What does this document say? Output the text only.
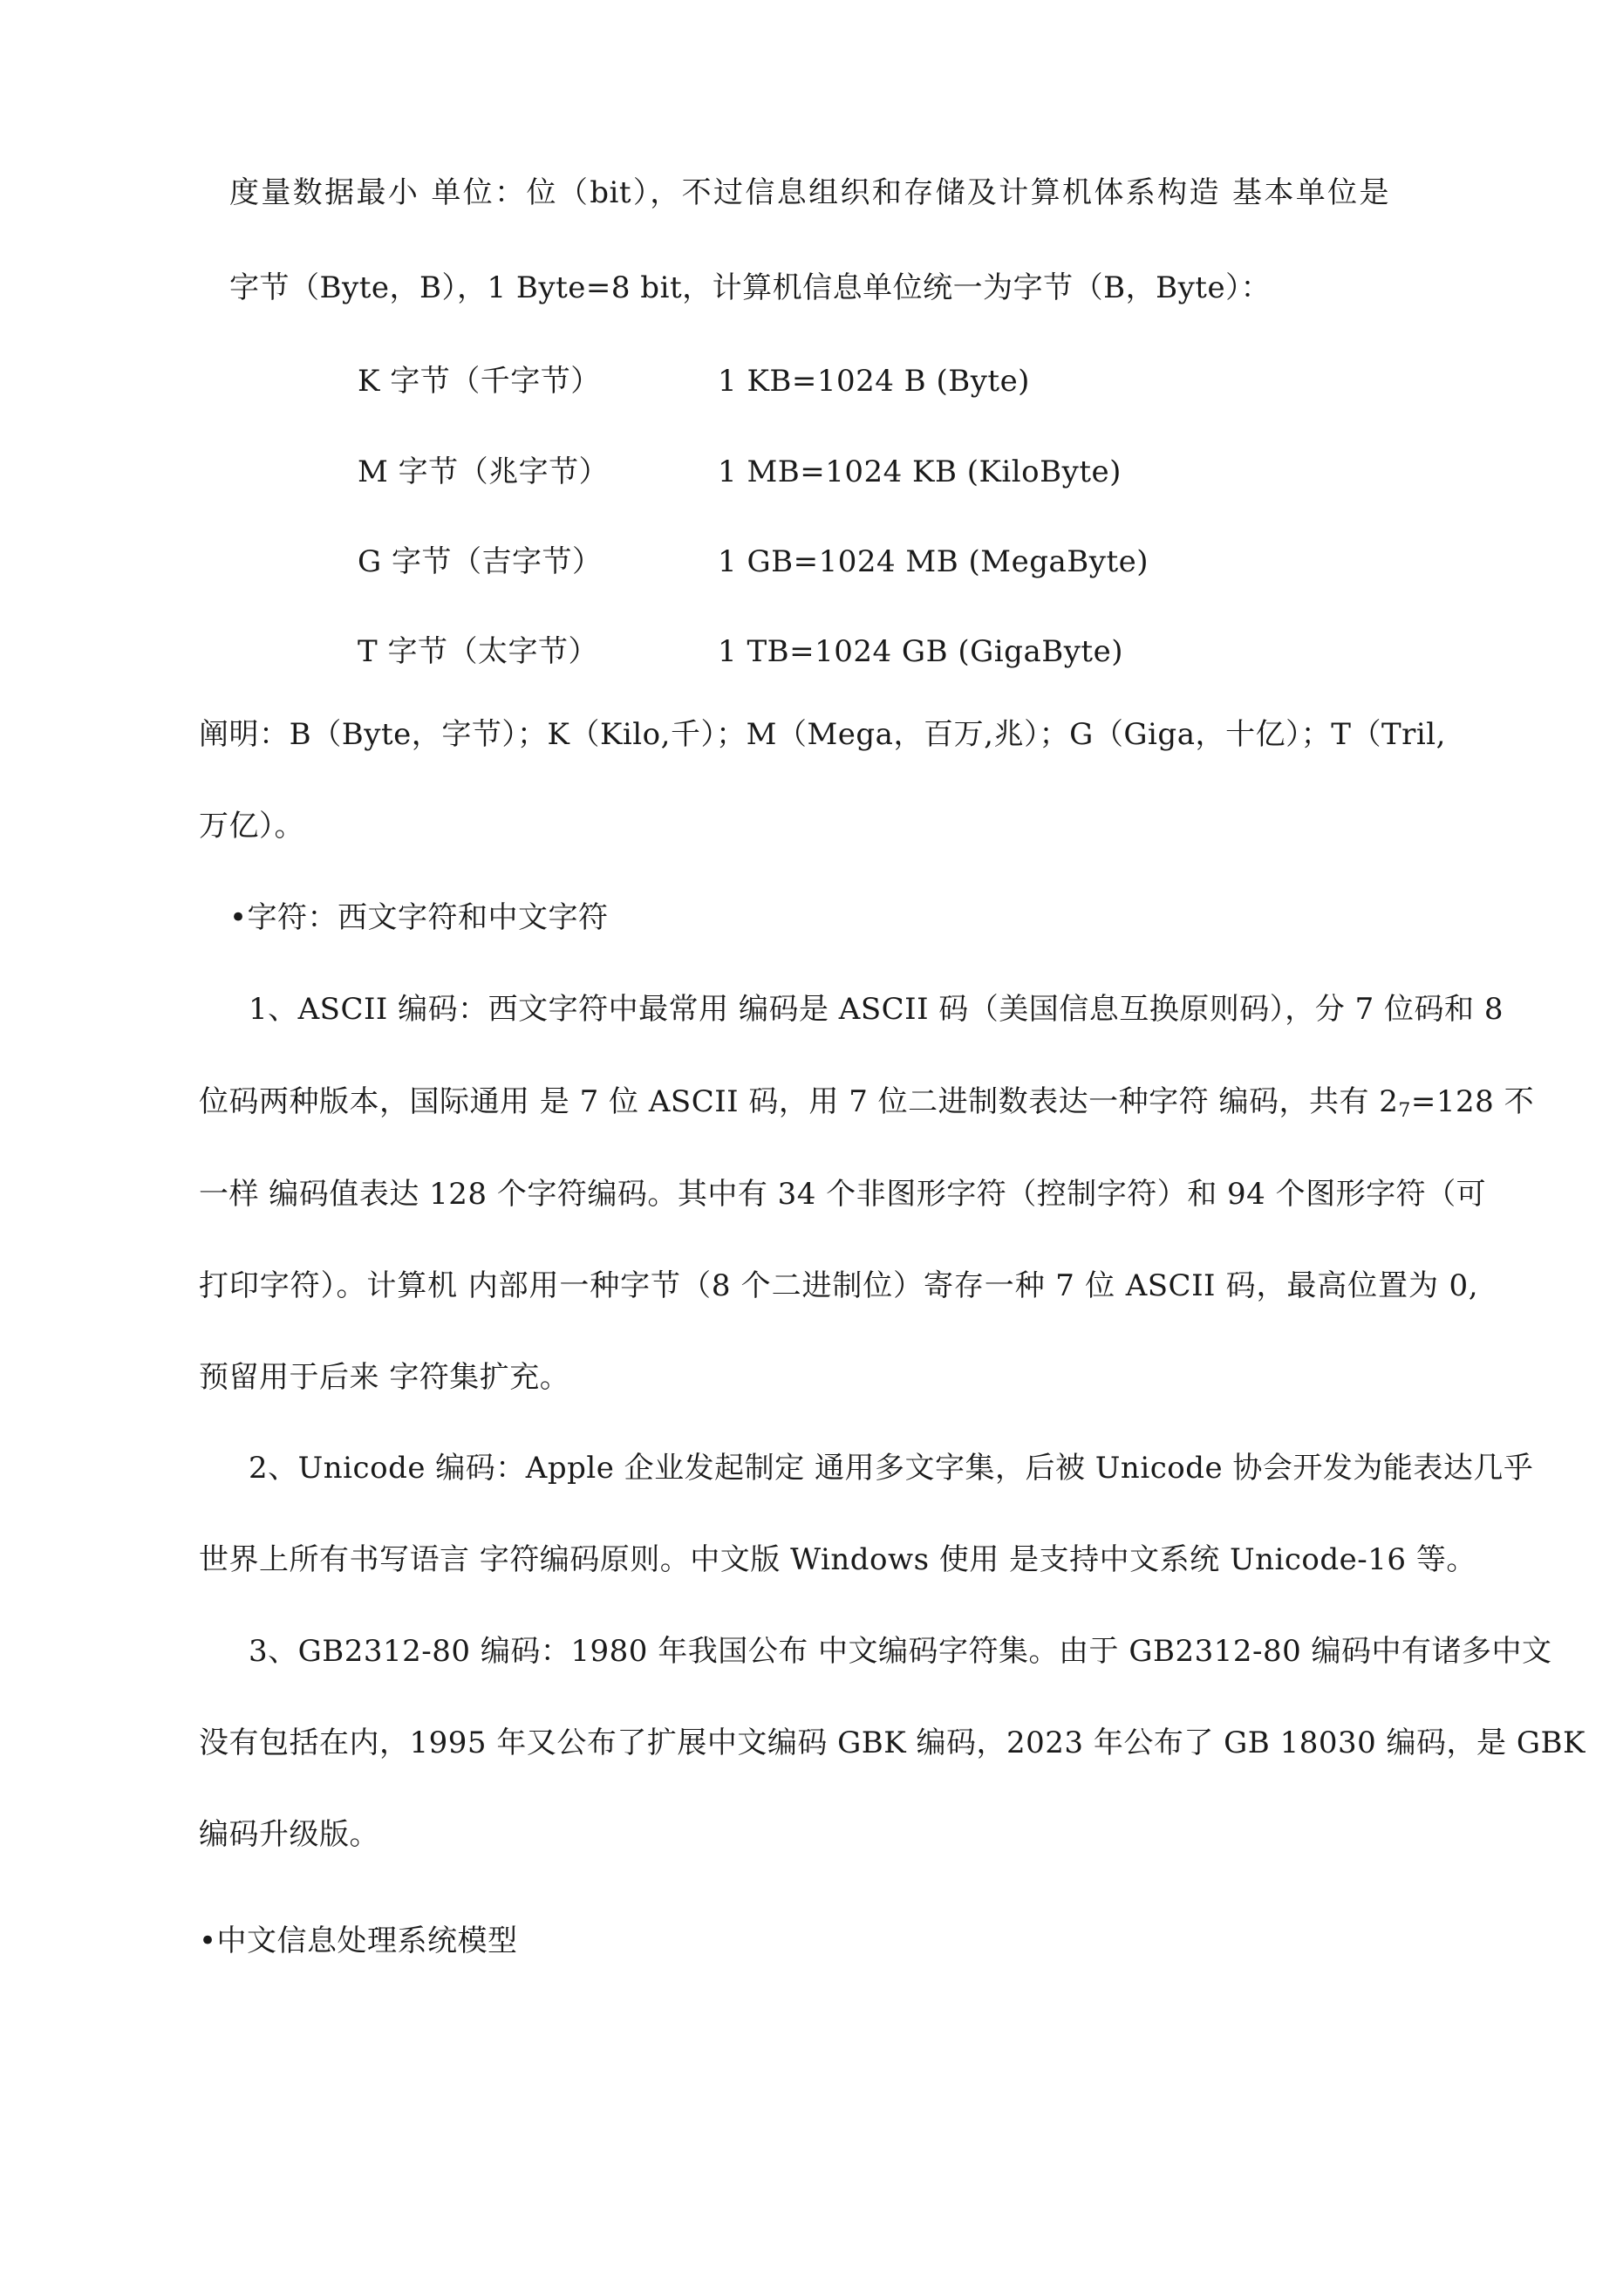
度量数据最小 单位：位（bit），不过信息组织和存储及计算机体系构造 基本单位是
字节（Byte，B），1 Byte=8 bit，计算机信息单位统一为字节（B，Byte）：
K 字节（千字节）	1 KB=1024 B (Byte)
M 字节（兆字节）	1 MB=1024 KB (KiloByte)
G 字节（吉字节）	1 GB=1024 MB (MegaByte)
T 字节（太字节）	1 TB=1024 GB (GigaByte)
阐明：B（Byte，字节）；K（Kilo,千）；M（Mega，百万,兆）；G（Giga，十亿）；T（Tril,
万亿）。
•字符：西文字符和中文字符
1、ASCII 编码：西文字符中最常用 编码是 ASCII 码（美国信息互换原则码），分 7 位码和 8
位码两种版本，国际通用 是 7 位 ASCII 码，用 7 位二进制数表达一种字符 编码，共有 $2_7=128$ 不
一样 编码值表达 128 个字符编码。其中有 34 个非图形字符（控制字符）和 94 个图形字符（可
打印字符）。计算机 内部用一种字节（8 个二进制位）寄存一种 7 位 ASCII 码，最高位置为 0,
预留用于后来 字符集扩充。
2、Unicode 编码：Apple 企业发起制定 通用多文字集，后被 Unicode 协会开发为能表达几乎
世界上所有书写语言 字符编码原则。中文版 Windows 使用 是支持中文系统 Unicode-16 等。
3、GB2312-80 编码：1980 年我国公布 中文编码字符集。由于 GB2312-80 编码中有诸多中文
没有包括在内，1995 年又公布了扩展中文编码 GBK 编码，2023 年公布了 GB 18030 编码，是 GBK
编码升级版。
•中文信息处理系统模型
